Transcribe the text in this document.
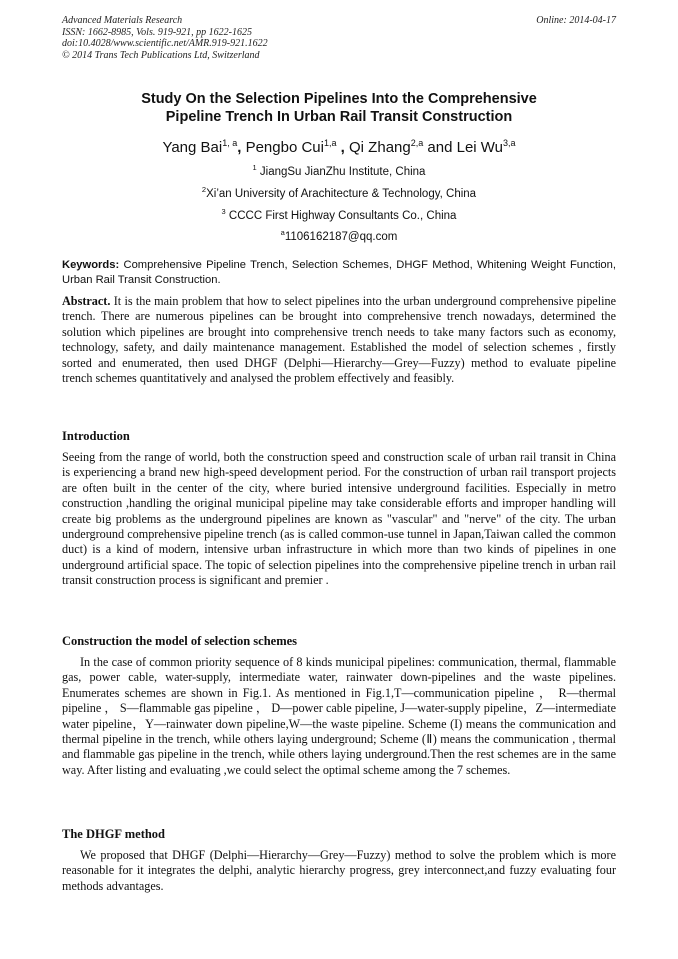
Advanced Materials Research
ISSN: 1662-8985, Vols. 919-921, pp 1622-1625
doi:10.4028/www.scientific.net/AMR.919-921.1622
© 2014 Trans Tech Publications Ltd, Switzerland
Online: 2014-04-17
Study On the Selection Pipelines Into the Comprehensive
Pipeline Trench In Urban Rail Transit Construction
Yang Bai$^{1, a}$, Pengbo Cui$^{1,a}$ , Qi Zhang$^{2,a}$ and Lei Wu$^{3,a}$
$^1$ JiangSu JianZhu Institute, China
$^2$Xi’an University of Arachitecture & Technology, China
$^3$ CCCC First Highway Consultants Co., China
$^a$1106162187@qq.com
Keywords: Comprehensive Pipeline Trench, Selection Schemes, DHGF Method, Whitening Weight Function, Urban Rail Transit Construction.
Abstract. It is the main problem that how to select pipelines into the urban underground comprehensive pipeline trench. There are numerous pipelines can be brought into comprehensive trench nowadays, determined the solution which pipelines are brought into comprehensive trench needs to take many factors such as economy, technology, safety, and daily maintenance management. Established the model of selection schemes , firstly sorted and enumerated, then used DHGF (Delphi—Hierarchy—Grey—Fuzzy) method to evaluate pipeline trench schemes quantitatively and analysed the problem effectively and feasibly.
Introduction
Seeing from the range of world, both the construction speed and construction scale of urban rail transit in China is experiencing a brand new high-speed development period. For the construction of urban rail transport projects are often built in the center of the city, where buried intensive underground facilities. Especially in metro construction ,handling the original municipal pipeline may take considerable efforts and improper handling will create big problems as the underground pipelines are known as "vascular" and "nerve" of the city. The urban underground comprehensive pipeline trench (as is called common-use tunnel in Japan,Taiwan called the common duct) is a kind of modern, intensive urban infrastructure in which more than two kinds of pipelines in one underground artificial space. The topic of selection pipelines into the comprehensive pipeline trench in urban rail transit construction process is significant and premier .
Construction the model of selection schemes
In the case of common priority sequence of 8 kinds municipal pipelines: communication, thermal, flammable gas, power cable, water-supply, intermediate water, rainwater down-pipelines and the waste pipelines. Enumerates schemes are shown in Fig.1. As mentioned in Fig.1,T—communication pipeline ， R—thermal pipeline ， S—flammable gas pipeline ， D—power cable pipeline, J—water-supply pipeline，Z—intermediate water pipeline，Y—rainwater down pipeline,W—the waste pipeline. Scheme (I) means the communication and thermal pipeline in the trench, while others laying underground; Scheme (Ⅱ) means the communication , thermal and flammable gas pipeline in the trench, while others laying underground.Then the rest schemes are in the same way. After listing and evaluating ,we could select the optimal scheme among the 7 schemes.
The DHGF method
We proposed that DHGF (Delphi—Hierarchy—Grey—Fuzzy) method to solve the problem which is more reasonable for it integrates the delphi, analytic hierarchy progress, grey interconnect,and fuzzy evaluating four methods advantages.
